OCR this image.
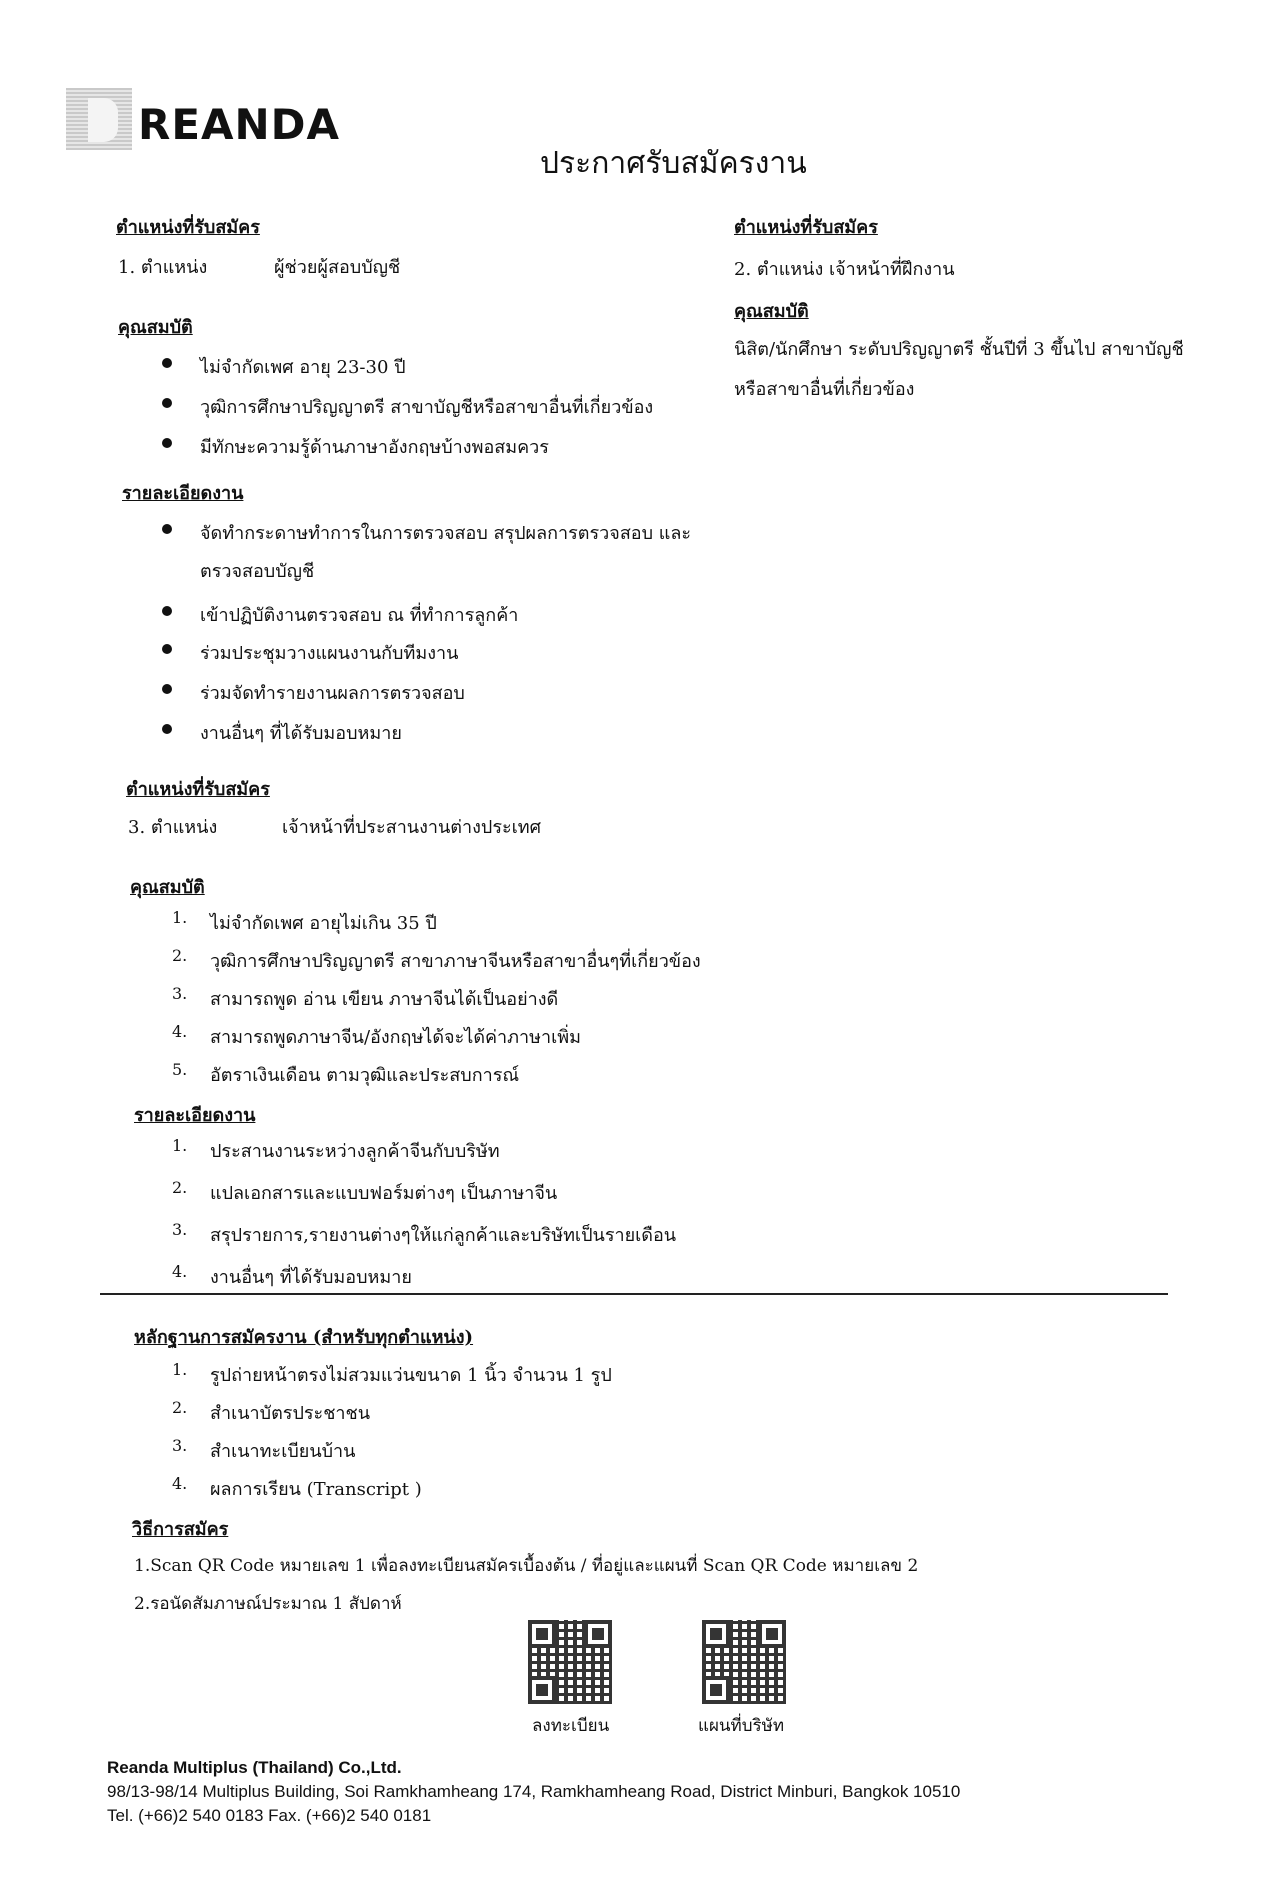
REANDA
ประกาศรับสมัครงาน
ตำแหน่งที่รับสมัคร
1. ตำแหน่ง	ผู้ช่วยผู้สอบบัญชี
คุณสมบัติ
ไม่จำกัดเพศ อายุ 23-30 ปี
วุฒิการศึกษาปริญญาตรี สาขาบัญชีหรือสาขาอื่นที่เกี่ยวข้อง
มีทักษะความรู้ด้านภาษาอังกฤษบ้างพอสมควร
รายละเอียดงาน
จัดทำกระดาษทำการในการตรวจสอบ สรุปผลการตรวจสอบ และ
ตรวจสอบบัญชี
เข้าปฏิบัติงานตรวจสอบ ณ ที่ทำการลูกค้า
ร่วมประชุมวางแผนงานกับทีมงาน
ร่วมจัดทำรายงานผลการตรวจสอบ
งานอื่นๆ ที่ได้รับมอบหมาย
ตำแหน่งที่รับสมัคร
2. ตำแหน่ง เจ้าหน้าที่ฝึกงาน
คุณสมบัติ
นิสิต/นักศึกษา ระดับปริญญาตรี ชั้นปีที่ 3 ขึ้นไป สาขาบัญชี
หรือสาขาอื่นที่เกี่ยวข้อง
ตำแหน่งที่รับสมัคร
3. ตำแหน่ง	เจ้าหน้าที่ประสานงานต่างประเทศ
คุณสมบัติ
1.	ไม่จำกัดเพศ อายุไม่เกิน 35 ปี
2.	วุฒิการศึกษาปริญญาตรี สาขาภาษาจีนหรือสาขาอื่นๆที่เกี่ยวข้อง
3.	สามารถพูด อ่าน เขียน ภาษาจีนได้เป็นอย่างดี
4.	สามารถพูดภาษาจีน/อังกฤษได้จะได้ค่าภาษาเพิ่ม
5.	อัตราเงินเดือน ตามวุฒิและประสบการณ์
รายละเอียดงาน
1.	ประสานงานระหว่างลูกค้าจีนกับบริษัท
2.	แปลเอกสารและแบบฟอร์มต่างๆ เป็นภาษาจีน
3.	สรุปรายการ,รายงานต่างๆให้แก่ลูกค้าและบริษัทเป็นรายเดือน
4.	งานอื่นๆ ที่ได้รับมอบหมาย
หลักฐานการสมัครงาน (สำหรับทุกตำแหน่ง)
1.	รูปถ่ายหน้าตรงไม่สวมแว่นขนาด 1 นิ้ว จำนวน 1 รูป
2.	สำเนาบัตรประชาชน
3.	สำเนาทะเบียนบ้าน
4.	ผลการเรียน (Transcript )
วิธีการสมัคร
1.Scan QR Code หมายเลข 1 เพื่อลงทะเบียนสมัครเบื้องต้น / ที่อยู่และแผนที่ Scan QR Code หมายเลข 2
2.รอนัดสัมภาษณ์ประมาณ 1 สัปดาห์
ลงทะเบียน	แผนที่บริษัท
Reanda Multiplus (Thailand) Co.,Ltd.
98/13-98/14 Multiplus Building, Soi Ramkhamheang 174, Ramkhamheang Road, District Minburi, Bangkok 10510
Tel. (+66)2 540 0183 Fax. (+66)2 540 0181
